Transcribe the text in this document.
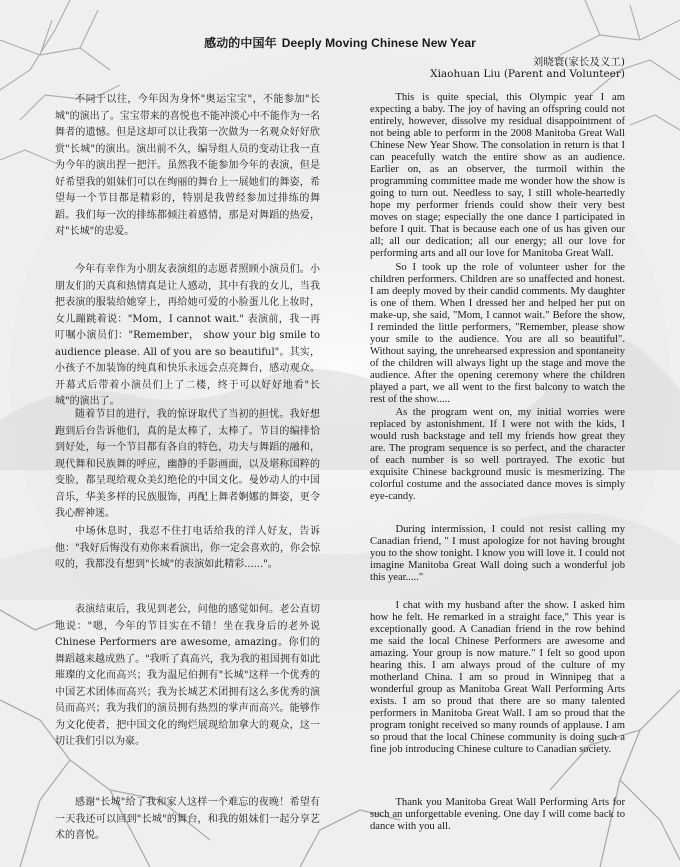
感动的中国年 Deeply Moving Chinese New Year
刘晓寰(家长及义工)
Xiaohuan Liu (Parent and Volunteer)
不同于以往，今年因为身怀"奥运宝宝"，不能参加"长城"的演出了。宝宝带来的喜悦也不能冲淡心中不能作为一名舞者的遗憾。但是这却可以让我第一次做为一名观众好好欣赏"长城"的演出。演出前不久，编导组人员的变动让我一直为今年的演出捏一把汗。虽然我不能参加今年的表演，但是好希望我的姐妹们可以在绚丽的舞台上一展她们的舞姿，希望每一个节目都是精彩的，特别是我曾经参加过排练的舞蹈。我们每一次的排练都倾注着感情，那是对舞蹈的热爱，对"长城"的忠爱。
今年有幸作为小朋友表演组的志愿者照顾小演员们。小朋友们的天真和热情真是让人感动，其中有我的女儿，当我把表演的服装给她穿上，再给她可爱的小脸蛋儿化上妆时，女儿蹦跳着说："Mom，I cannot wait." 表演前，我一再叮嘱小演员们："Remember， show your big smile to audience please. All of you are so beautiful"。其实，小孩子不加装饰的纯真和快乐永远会点亮舞台，感动观众。开幕式后带着小演员们上了二楼，终于可以好好地看"长城"的演出了。
随着节目的进行，我的惊讶取代了当初的担忧。我好想跑到后台告诉他们，真的是太棒了，太棒了。节目的编排恰到好处，每一个节目都有各自的特色，功夫与舞蹈的融和，现代舞和民族舞的呼应，幽静的手影画面，以及堪称国粹的变脸，都呈现给观众美幻绝伦的中国文化。曼妙动人的中国音乐，华美多样的民族服饰，再配上舞者婀娜的舞姿，更令我心醉神迷。
中场休息时，我忍不住打电话给我的洋人好友，告诉他："我好后悔没有劝你来看演出，你一定会喜欢的，你会惊叹的，我都没有想到"长城"的表演如此精彩......"。
表演结束后，我见到老公，问他的感觉如何。老公直切地说："嗯，今年的节目实在不错！坐在我身后的老外说Chinese Performers are awesome, amazing。你们的舞蹈越来越成熟了。"我听了真高兴，我为我的祖国拥有如此璀璨的文化而高兴；我为温尼伯拥有"长城"这样一个优秀的中国艺术团体而高兴；我为长城艺术团拥有这么多优秀的演员而高兴；我为我们的演员拥有热烈的掌声而高兴。能够作为文化使者，把中国文化的绚烂展现给加拿大的观众，这一切让我们引以为豪。
感谢"长城"给了我和家人这样一个难忘的夜晚！希望有一天我还可以回到"长城"的舞台，和我的姐妹们一起分享艺术的喜悦。
This is quite special, this Olympic year I am expecting a baby. The joy of having an offspring could not entirely, however, dissolve my residual disappointment of not being able to perform in the 2008 Manitoba Great Wall Chinese New Year Show. The consolation in return is that I can peacefully watch the entire show as an audience. Earlier on, as an observer, the turmoil within the programming committee made me wonder how the show is going to turn out. Needless to say, I still whole-heartedly hope my performer friends could show their very best moves on stage; especially the one dance I participated in before I quit. That is because each one of us has given our all; all our dedication; all our energy; all our love for performing arts and all our love for Manitoba Great Wall.
So I took up the role of volunteer usher for the children performers. Children are so unaffected and honest. I am deeply moved by their candid comments. My daughter is one of them. When I dressed her and helped her put on make-up, she said, "Mom, I cannot wait." Before the show, I reminded the little performers, "Remember, please show your smile to the audience. You are all so beautiful". Without saying, the unrehearsed expression and spontaneity of the children will always light up the stage and move the audience. After the opening ceremony where the children played a part, we all went to the first balcony to watch the rest of the show.....
As the program went on, my initial worries were replaced by astonishment. If I were not with the kids, I would rush backstage and tell my friends how great they are. The program sequence is so perfect, and the character of each number is so well portrayed. The exotic but exquisite Chinese background music is mesmerizing. The colorful costume and the associated dance moves is simply eye-candy.
During intermission, I could not resist calling my Canadian friend, " I must apologize for not having brought you to the show tonight. I know you will love it. I could not imagine Manitoba Great Wall doing such a wonderful job this year....."
I chat with my husband after the show. I asked him how he felt. He remarked in a straight face," This year is exceptionally good. A Canadian friend in the row behind me said the local Chinese Performers are awesome and amazing. Your group is now mature." I felt so good upon hearing this. I am always proud of the culture of my motherland China. I am so proud in Winnipeg that a wonderful group as Manitoba Great Wall Performing Arts exists. I am so proud that there are so many talented performers in Manitoba Great Wall. I am so proud that the program tonight received so many rounds of applause. I am so proud that the local Chinese community is doing such a fine job introducing Chinese culture to Canadian society.
Thank you Manitoba Great Wall Performing Arts for such an unforgettable evening. One day I will come back to dance with you all.
